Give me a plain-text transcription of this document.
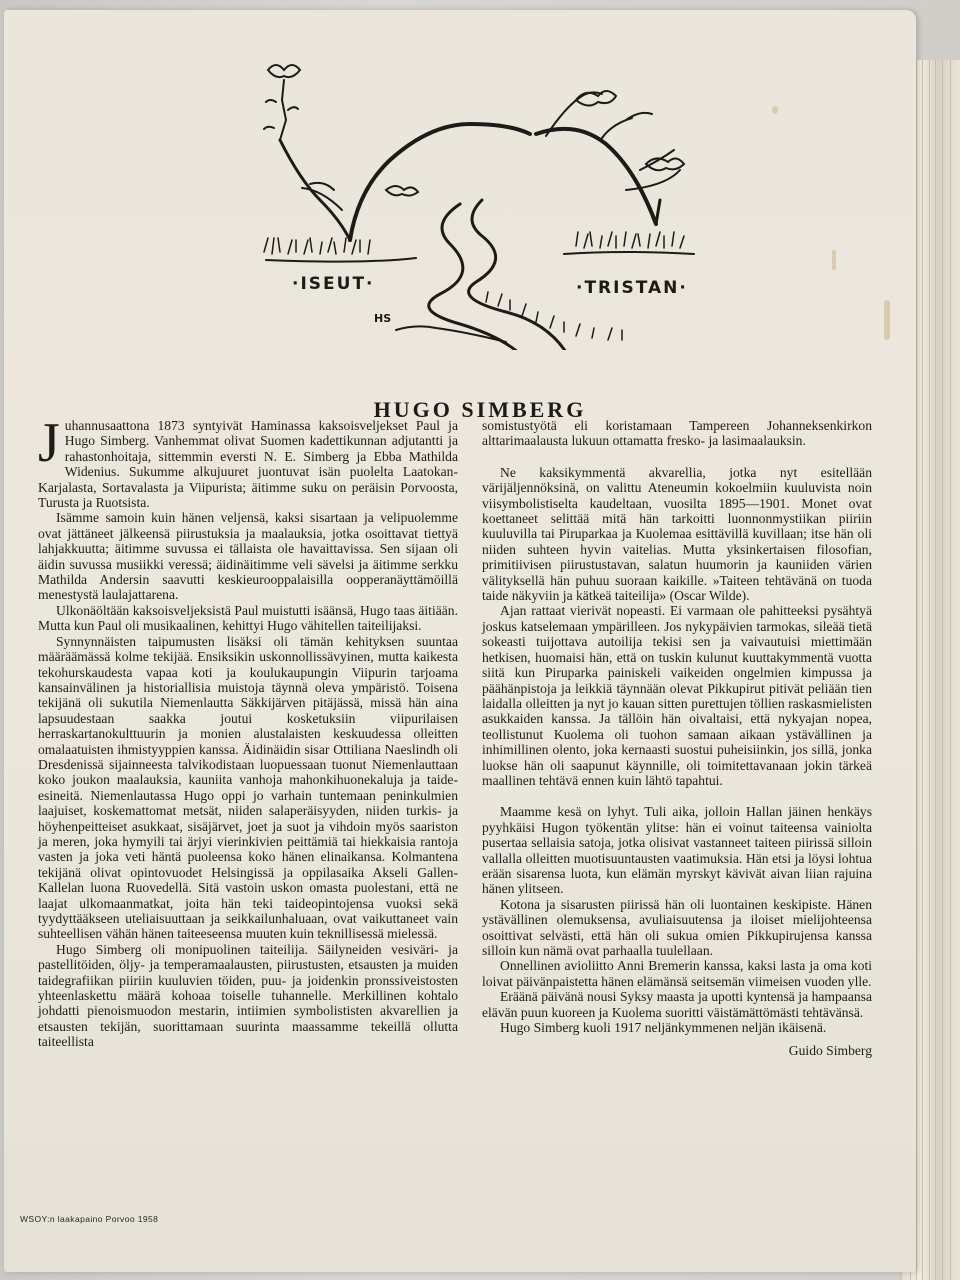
·ISEUT·	·TRISTAN·
HS
HUGO SIMBERG

Juhannusaattona 1873 syntyivät Haminassa kaksoisveljekset Paul ja Hugo Simberg. Vanhemmat olivat Suomen kadettikunnan adjutantti ja rahastonhoitaja, sittemmin eversti N. E. Simberg ja Ebba Mathilda Widenius. Sukumme alkujuuret juontuvat isän puolelta Laatokan-Karjalasta, Sortavalasta ja Viipurista; äitimme suku on peräisin Porvoosta, Turusta ja Ruotsista.

Isämme samoin kuin hänen veljensä, kaksi sisartaan ja velipuolemme ovat jättäneet jälkeensä piirustuksia ja maalauksia, jotka osoittavat tiettyä lahjakkuutta; äitimme suvussa ei tällaista ole havaittavissa. Sen sijaan oli äidin suvussa musiikki veressä; äidinäitimme veli sävelsi ja äitimme serkku Mathilda Andersin saavutti keskieurooppalaisilla oopperanäyttämöillä menestystä laulajattarena.

Ulkonäöltään kaksoisveljeksistä Paul muistutti isäänsä, Hugo taas äitiään. Mutta kun Paul oli musikaalinen, kehittyi Hugo vähitellen taiteilijaksi.

Synnynnäisten taipumusten lisäksi oli tämän kehityksen suuntaa määräämässä kolme tekijää. Ensiksikin uskonnollissävyinen, mutta kaikesta tekohurskaudesta vapaa koti ja koulukaupungin Viipurin tarjoama kansainvälinen ja historiallisia muistoja täynnä oleva ympäristö. Toisena tekijänä oli sukutila Niemenlautta Säkkijärven pitäjässä, missä hän aina lapsuudestaan saakka joutui kosketuksiin viipurilaisen herraskartanokulttuurin ja monien alustalaisten keskuudessa olleitten omalaatuisten ihmistyyppien kanssa. Äidinäidin sisar Ottiliana Naeslindh oli Dresdenissä sijainneesta talvikodistaan luopuessaan tuonut Niemenlauttaan koko joukon maalauksia, kauniita vanhoja mahonkihuonekaluja ja taide-esineitä. Niemenlautassa Hugo oppi jo varhain tuntemaan peninkulmien laajuiset, koskemattomat metsät, niiden salaperäisyyden, niiden turkis- ja höyhenpeitteiset asukkaat, sisäjärvet, joet ja suot ja vihdoin myös saariston ja meren, joka hymyili tai ärjyi vierinkivien peittämiä tai hiekkaisia rantoja vasten ja joka veti häntä puoleensa koko hänen elinaikansa. Kolmantena tekijänä olivat opintovuodet Helsingissä ja oppilasaika Akseli Gallen-Kallelan luona Ruovedellä. Sitä vastoin uskon omasta puolestani, että ne laajat ulkomaanmatkat, joita hän teki taideopintojensa vuoksi sekä tyydyttääkseen uteliaisuuttaan ja seikkailunhaluaan, ovat vaikuttaneet vain suhteellisen vähän hänen taiteeseensa muuten kuin teknillisessä mielessä.

Hugo Simberg oli monipuolinen taiteilija. Säilyneiden vesiväri- ja pastellitöiden, öljy- ja temperamaalausten, piirustusten, etsausten ja muiden taidegrafiikan piiriin kuuluvien töiden, puu- ja joidenkin pronssiveistosten yhteenlaskettu määrä kohoaa toiselle tuhannelle. Merkillinen kohtalo johdatti pienoismuodon mestarin, intiimien symbolististen akvarellien ja etsausten tekijän, suorittamaan suurinta maassamme tekeillä ollutta taiteellista

somistustyötä eli koristamaan Tampereen Johanneksenkirkon alttarimaalausta lukuun ottamatta fresko- ja lasimaalauksin.

Ne kaksikymmentä akvarellia, jotka nyt esitellään värijäljennöksinä, on valittu Ateneumin kokoelmiin kuuluvista noin viisymbolistiselta kaudeltaan, vuosilta 1895—1901. Monet ovat koettaneet selittää mitä hän tarkoitti luonnonmystiikan piiriin kuuluvilla tai Piruparkaa ja Kuolemaa esittävillä kuvillaan; itse hän oli niiden suhteen hyvin vaitelias. Mutta yksinkertaisen filosofian, primitiivisen piirustustavan, salatun huumorin ja kauniiden värien välityksellä hän puhuu suoraan kaikille. »Taiteen tehtävänä on tuoda taide näkyviin ja kätkeä taiteilija» (Oscar Wilde).

Ajan rattaat vierivät nopeasti. Ei varmaan ole pahitteeksi pysähtyä joskus katselemaan ympärilleen. Jos nykypäivien tarmokas, sileää tietä sokeasti tuijottava autoilija tekisi sen ja vaivautuisi miettimään hetkisen, huomaisi hän, että on tuskin kulunut kuuttakymmentä vuotta siitä kun Piruparka painiskeli vaikeiden ongelmien kimpussa ja päähänpistoja ja leikkiä täynnään olevat Pikkupirut pitivät peliään tien laidalla olleitten ja nyt jo kauan sitten purettujen töllien raskasmielisten asukkaiden kanssa. Ja tällöin hän oivaltaisi, että nykyajan nopea, teollistunut Kuolema oli tuohon samaan aikaan ystävällinen ja inhimillinen olento, joka kernaasti suostui puheisiinkin, jos sillä, jonka luokse hän oli saapunut käynnille, oli toimitettavanaan jokin tärkeä maallinen tehtävä ennen kuin lähtö tapahtui.

Maamme kesä on lyhyt. Tuli aika, jolloin Hallan jäinen henkäys pyyhkäisi Hugon työkentän ylitse: hän ei voinut taiteensa vainiolta pusertaa sellaisia satoja, jotka olisivat vastanneet taiteen piirissä silloin vallalla olleitten muotisuuntausten vaatimuksia. Hän etsi ja löysi lohtua erään sisarensa luota, kun elämän myrskyt kävivät aivan liian rajuina hänen ylitseen.

Kotona ja sisarusten piirissä hän oli luontainen keskipiste. Hänen ystävällinen olemuksensa, avuliaisuutensa ja iloiset mielijohteensa osoittivat selvästi, että hän oli sukua omien Pikkupirujensa kanssa silloin kun nämä ovat parhaalla tuulellaan.

Onnellinen avioliitto Anni Bremerin kanssa, kaksi lasta ja oma koti loivat päivänpaistetta hänen elämänsä seitsemän viimeisen vuoden ylle.

Eräänä päivänä nousi Syksy maasta ja upotti kyntensä ja hampaansa elävän puun kuoreen ja Kuolema suoritti väistämättömästi tehtävänsä.

Hugo Simberg kuoli 1917 neljänkymmenen neljän ikäisenä.

Guido Simberg
WSOY:n laakapaino Porvoo 1958
